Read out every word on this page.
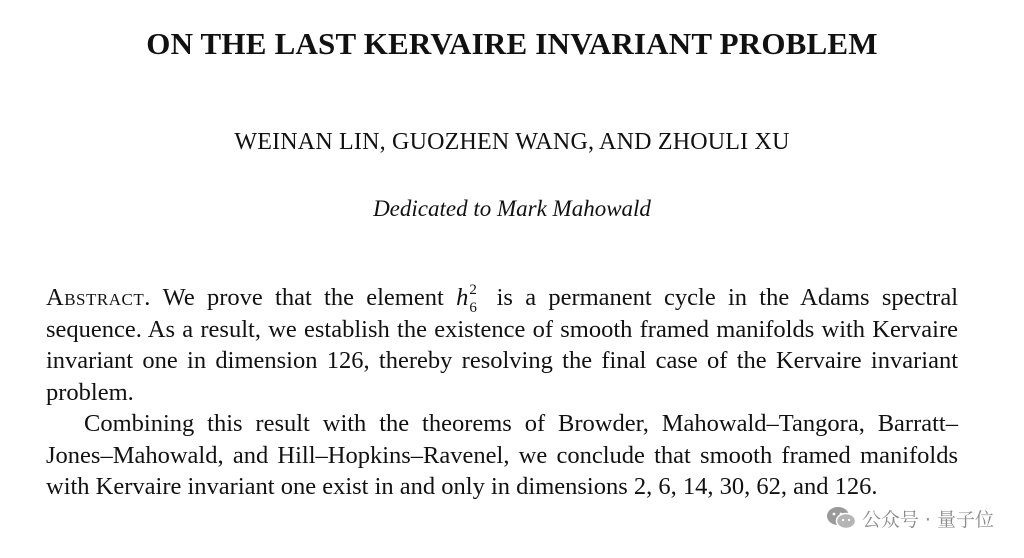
ON THE LAST KERVAIRE INVARIANT PROBLEM
WEINAN LIN, GUOZHEN WANG, AND ZHOULI XU
Dedicated to Mark Mahowald

Abstract. We prove that the element h 2
6 is a permanent cycle in the Adams spectral sequence. As a result, we establish the existence of smooth framed manifolds with Kervaire invariant one in dimension 126, thereby resolving the final case of the Kervaire invariant problem.

Combining this result with the theorems of Browder, Mahowald–Tangora, Barratt–Jones–Mahowald, and Hill–Hopkins–Ravenel, we conclude that smooth framed manifolds with Kervaire invariant one exist in and only in dimensions 2, 6, 14, 30, 62, and 126.

公众号 · 量子位
